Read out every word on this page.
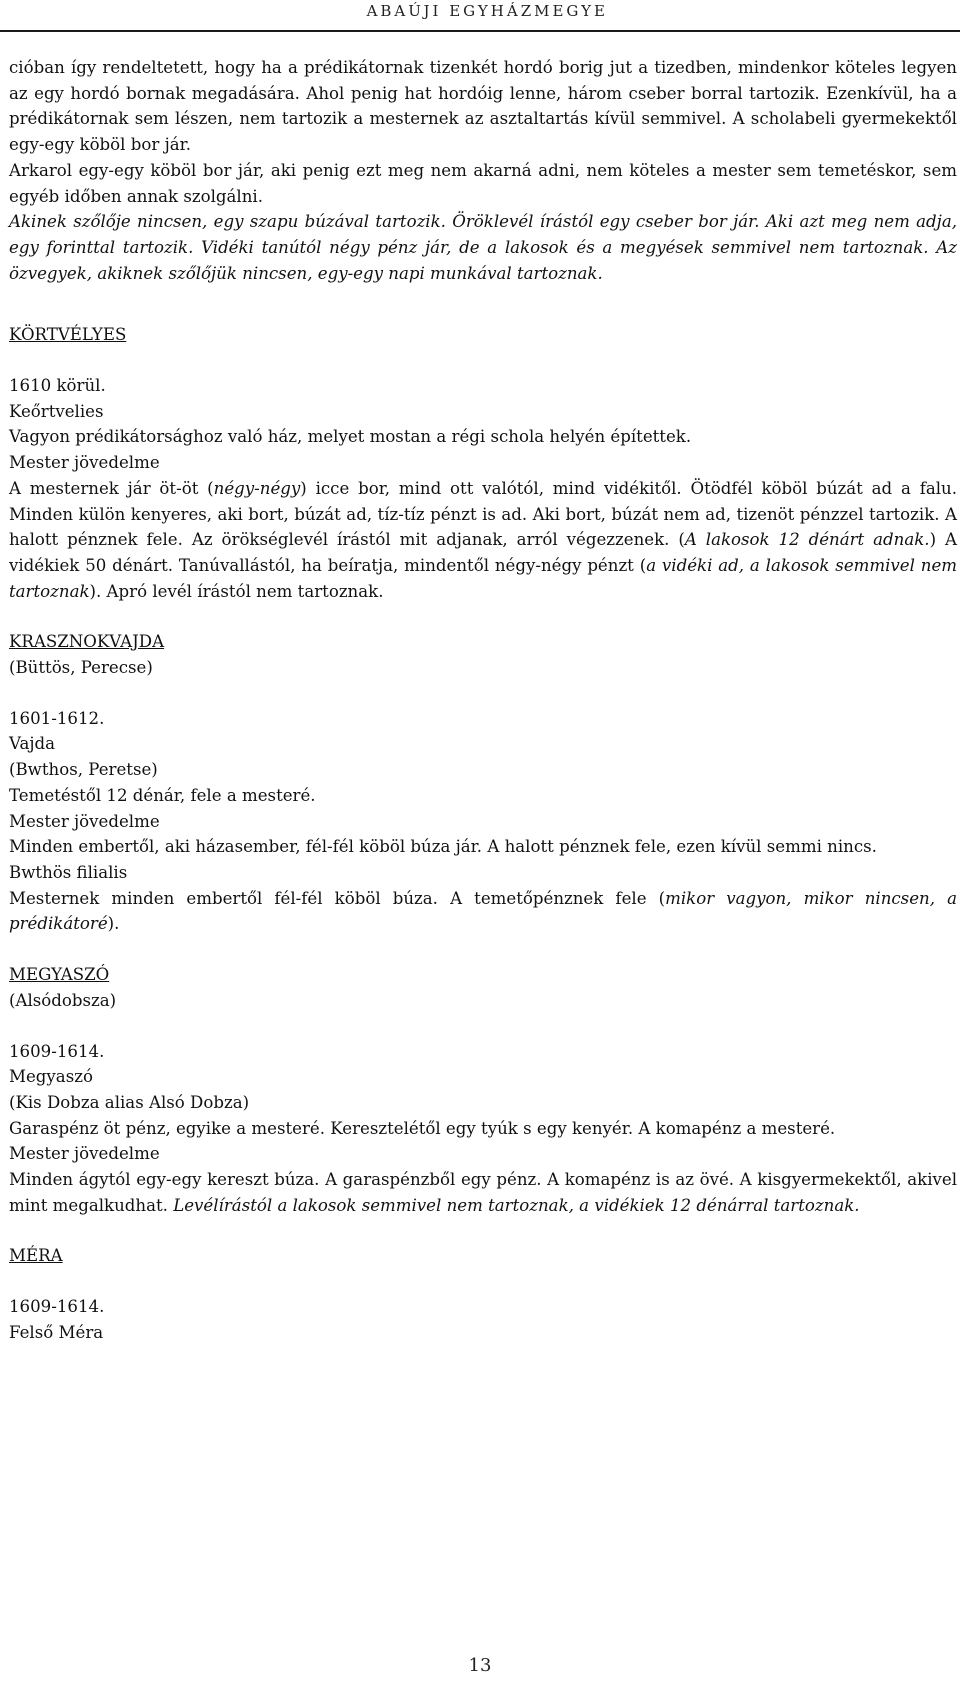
ABAÚJI EGYHÁZMEGYE

cióban így rendeltetett, hogy ha a prédikátornak tizenkét hordó borig jut a tizedben, mindenkor köteles legyen az egy hordó bornak megadására. Ahol penig hat hordóig lenne, három cseber borral tartozik. Ezenkívül, ha a prédikátornak sem lészen, nem tartozik a mesternek az asztaltartás kívül semmivel. A scholabeli gyermekektől egy-egy köböl bor jár.

Arkarol egy-egy köböl bor jár, aki penig ezt meg nem akarná adni, nem köteles a mester sem temetéskor, sem egyéb időben annak szolgálni.

Akinek szőlője nincsen, egy szapu búzával tartozik. Öröklevél írástól egy cseber bor jár. Aki azt meg nem adja, egy forinttal tartozik. Vidéki tanútól négy pénz jár, de a lakosok és a megyések semmivel nem tartoznak. Az özvegyek, akiknek szőlőjük nincsen, egy-egy napi munkával tartoznak.

KÖRTVÉLYES

1610 körül.

Keőrtvelies

Vagyon prédikátorsághoz való ház, melyet mostan a régi schola helyén építettek.

Mester jövedelme

A mesternek jár öt-öt (négy-négy) icce bor, mind ott valótól, mind vidékitől. Ötödfél köböl búzát ad a falu. Minden külön kenyeres, aki bort, búzát ad, tíz-tíz pénzt is ad. Aki bort, búzát nem ad, tizenöt pénzzel tartozik. A halott pénznek fele. Az örökséglevél írástól mit adjanak, arról végezzenek. (A lakosok 12 dénárt adnak.) A vidékiek 50 dénárt. Tanúvallástól, ha beíratja, mindentől négy-négy pénzt (a vidéki ad, a lakosok semmivel nem tartoznak). Apró levél írástól nem tartoznak.

KRASZNOKVAJDA

(Büttös, Perecse)

1601-1612.

Vajda

(Bwthos, Peretse)

Temetéstől 12 dénár, fele a mesteré.

Mester jövedelme

Minden embertől, aki házasember, fél-fél köböl búza jár. A halott pénznek fele, ezen kívül semmi nincs.

Bwthös filialis

Mesternek minden embertől fél-fél köböl búza. A temetőpénznek fele (mikor vagyon, mikor nincsen, a prédikátoré).

MEGYASZÓ

(Alsódobsza)

1609-1614.

Megyaszó

(Kis Dobza alias Alsó Dobza)

Garaspénz öt pénz, egyike a mesteré. Keresztelétől egy tyúk s egy kenyér. A komapénz a mesteré.

Mester jövedelme

Minden ágytól egy-egy kereszt búza. A garaspénzből egy pénz. A komapénz is az övé. A kisgyermekektől, akivel mint megalkudhat. Levélírástól a lakosok semmivel nem tartoznak, a vidékiek 12 dénárral tartoznak.

MÉRA

1609-1614.

Felső Méra

13
